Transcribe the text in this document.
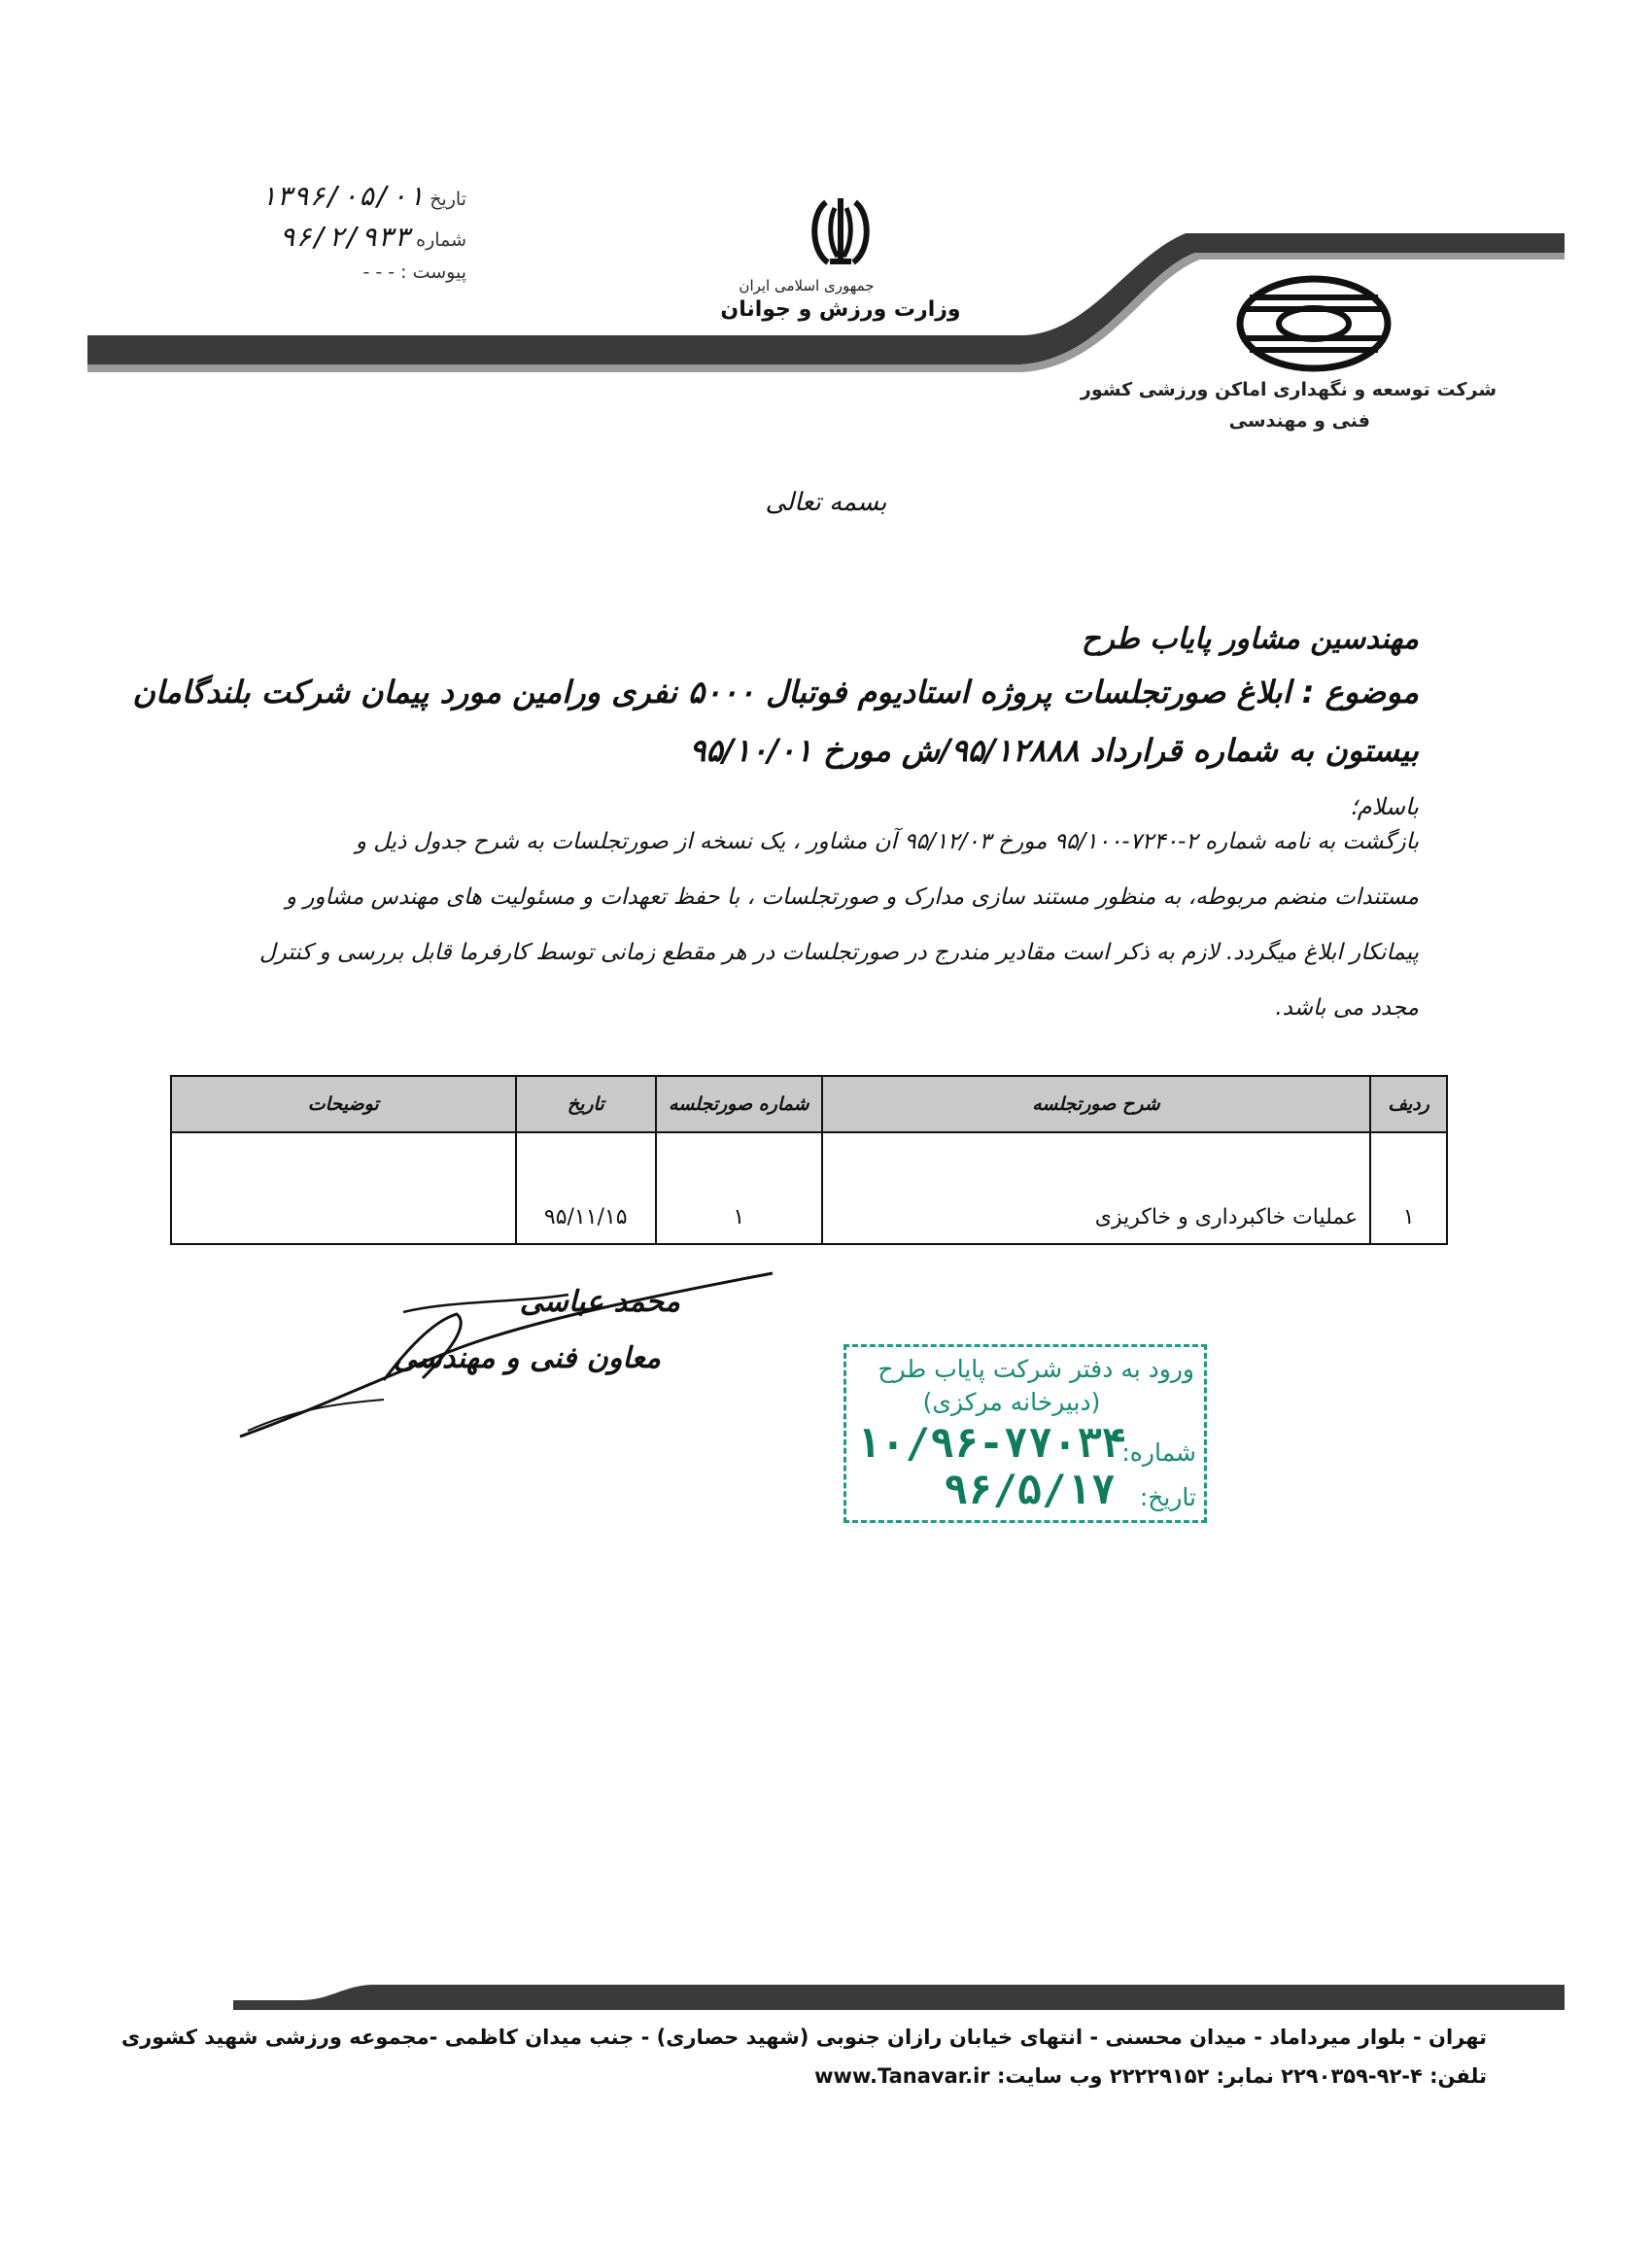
تاریخ ۱۳۹۶/۰۵/۰۱
شماره ۹۶/۲/۹۳۳
پیوست : - - -
جمهوری اسلامی ایران
وزارت ورزش و جوانان
شرکت توسعه و نگهداری اماکن ورزشی کشور
فنی و مهندسی
بسمه تعالی
مهندسین مشاور پایاب طرح
موضوع : ابلاغ صورتجلسات پروژه استادیوم فوتبال ۵۰۰۰ نفری ورامین مورد پیمان شرکت بلندگامان
بیستون به شماره قرارداد ۹۵/۱۲۸۸۸/ش مورخ ۹۵/۱۰/۰۱
باسلام؛
بازگشت به نامه شماره ۲-۷۲۴۰-۹۵/۱۰۰ مورخ ۹۵/۱۲/۰۳ آن مشاور ، یک نسخه از صورتجلسات به شرح جدول ذیل و
مستندات منضم مربوطه، به منظور مستند سازی مدارک و صورتجلسات ، با حفظ تعهدات و مسئولیت های مهندس مشاور و
پیمانکار ابلاغ میگردد. لازم به ذکر است مقادیر مندرج در صورتجلسات در هر مقطع زمانی توسط کارفرما قابل بررسی و کنترل
مجدد می باشد.
ردیف	شرح صورتجلسه	شماره صورتجلسه	تاریخ	توضیحات
۱	عملیات خاکبرداری و خاکریزی	۱	۹۵/۱۱/۱۵	
محمد عباسی
معاون فنی و مهندسی	ورود به دفتر شرکت پایاب طرح
(دبیرخانه مرکزی)
شماره:
۱۰/۹۶-۷۷۰۳۴
تاریخ:
۹۶/۵/۱۷
تهران - بلوار میرداماد - میدان محسنی - انتهای خیابان رازان جنوبی (شهید حصاری) - جنب میدان کاظمی -مجموعه ورزشی شهید کشوری
تلفن: ۴-۹۲-۲۲۹۰۳۵۹ نمابر: ۲۲۲۲۹۱۵۲ وب سایت: www.Tanavar.ir
